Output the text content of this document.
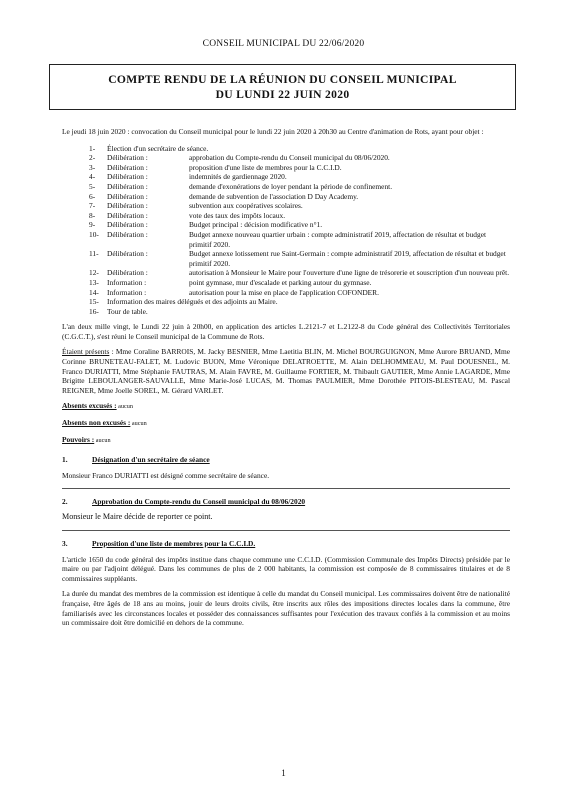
CONSEIL MUNICIPAL DU 22/06/2020
COMPTE RENDU DE LA RÉUNION DU CONSEIL MUNICIPAL
DU LUNDI 22 JUIN 2020

Le jeudi 18 juin 2020 : convocation du Conseil municipal pour le lundi 22 juin 2020 à 20h30 au Centre d'animation de Rots, ayant pour objet :

1-	Élection d'un secrétaire de séance.
2-	Délibération :	approbation du Compte-rendu du Conseil municipal du 08/06/2020.
3-	Délibération :	proposition d'une liste de membres pour la C.C.I.D.
4-	Délibération :	indemnités de gardiennage 2020.
5-	Délibération :	demande d'exonérations de loyer pendant la période de confinement.
6-	Délibération :	demande de subvention de l'association D Day Academy.
7-	Délibération :	subvention aux coopératives scolaires.
8-	Délibération :	vote des taux des impôts locaux.
9-	Délibération :	Budget principal : décision modificative n°1.
10-	Délibération :	Budget annexe nouveau quartier urbain : compte administratif 2019, affectation de résultat et budget primitif 2020.
11-	Délibération :	Budget annexe lotissement rue Saint-Germain : compte administratif 2019, affectation de résultat et budget primitif 2020.
12-	Délibération :	autorisation à Monsieur le Maire pour l'ouverture d'une ligne de trésorerie et souscription d'un nouveau prêt.
13-	Information :	point gymnase, mur d'escalade et parking autour du gymnase.
14-	Information :	autorisation pour la mise en place de l'application COFONDER.
15-	Information des maires délégués et des adjoints au Maire.
16-	Tour de table.

L'an deux mille vingt, le Lundi 22 juin à 20h00, en application des articles L.2121-7 et L.2122-8 du Code général des Collectivités Territoriales (C.G.C.T.), s'est réuni le Conseil municipal de la Commune de Rots.

Étaient présents : Mme Coraline BARROIS, M. Jacky BESNIER, Mme Laetitia BLIN, M. Michel BOURGUIGNON, Mme Aurore BRUAND, Mme Corinne BRUNETEAU-FALET, M. Ludovic BUON, Mme Véronique DELATROETTE, M. Alain DELHOMMEAU, M. Paul DOUESNEL, M. Franco DURIATTI, Mme Stéphanie FAUTRAS, M. Alain FAVRE, M. Guillaume FORTIER, M. Thibault GAUTIER, Mme Annie LAGARDE, Mme Brigitte LEBOULANGER-SAUVALLE, Mme Marie-José LUCAS, M. Thomas PAULMIER, Mme Dorothée PITOIS-BLESTEAU, M. Pascal REIGNER, Mme Joelle SOREL, M. Gérard VARLET.

Absents excusés : aucun

Absents non excusés : aucun

Pouvoirs : aucun

1.	Désignation d'un secrétaire de séance

Monsieur Franco DURIATTI est désigné comme secrétaire de séance.

2.	Approbation du Compte-rendu du Conseil municipal du 08/06/2020

Monsieur le Maire décide de reporter ce point.

3.	Proposition d'une liste de membres pour la C.C.I.D.

L'article 1650 du code général des impôts institue dans chaque commune une C.C.I.D. (Commission Communale des Impôts Directs) présidée par le maire ou par l'adjoint délégué. Dans les communes de plus de 2 000 habitants, la commission est composée de 8 commissaires titulaires et de 8 commissaires suppléants.

La durée du mandat des membres de la commission est identique à celle du mandat du Conseil municipal. Les commissaires doivent être de nationalité française, être âgés de 18 ans au moins, jouir de leurs droits civils, être inscrits aux rôles des impositions directes locales dans la commune, être familiarisés avec les circonstances locales et posséder des connaissances suffisantes pour l'exécution des travaux confiés à la commission et au moins un commissaire doit être domicilié en dehors de la commune.

1
